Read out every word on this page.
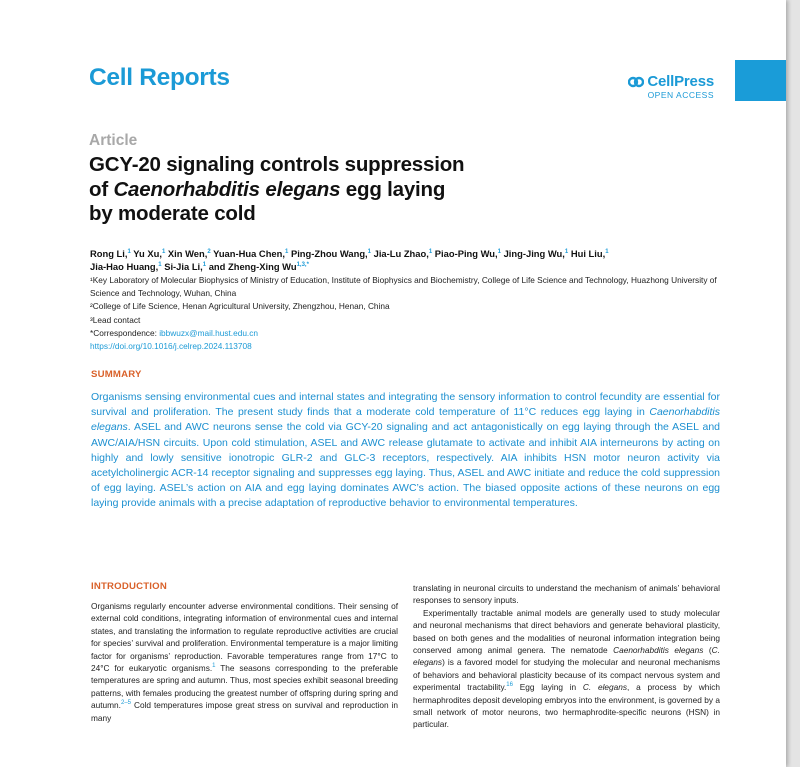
Cell Reports	CellPress
OPEN ACCESS
Article
GCY-20 signaling controls suppression
of Caenorhabditis elegans egg laying
by moderate cold
Rong Li,$^1$ Yu Xu,$^1$ Xin Wen,$^2$ Yuan-Hua Chen,$^1$ Ping-Zhou Wang,$^1$ Jia-Lu Zhao,$^1$ Piao-Ping Wu,$^1$ Jing-Jing Wu,$^1$ Hui Liu,$^1$
Jia-Hao Huang,$^1$ Si-Jia Li,$^1$ and Zheng-Xing $Wu^{1,3,*}$

¹Key Laboratory of Molecular Biophysics of Ministry of Education, Institute of Biophysics and Biochemistry, College of Life Science and Technology, Huazhong University of Science and Technology, Wuhan, China

²College of Life Science, Henan Agricultural University, Zhengzhou, Henan, China

³Lead contact

*Correspondence: ibbwuzx@mail.hust.edu.cn

https://doi.org/10.1016/j.celrep.2024.113708

SUMMARY

Organisms sensing environmental cues and internal states and integrating the sensory information to control fecundity are essential for survival and proliferation. The present study finds that a moderate cold temperature of 11°C reduces egg laying in Caenorhabditis elegans. ASEL and AWC neurons sense the cold via GCY-20 signaling and act antagonistically on egg laying through the ASEL and AWC/AIA/HSN circuits. Upon cold stimulation, ASEL and AWC release glutamate to activate and inhibit AIA interneurons by acting on highly and lowly sensitive ionotropic GLR-2 and GLC-3 receptors, respectively. AIA inhibits HSN motor neuron activity via acetylcholinergic ACR-14 receptor signaling and suppresses egg laying. Thus, ASEL and AWC initiate and reduce the cold suppression of egg laying. ASEL’s action on AIA and egg laying dominates AWC’s action. The biased opposite actions of these neurons on egg laying provide animals with a precise adaptation of reproductive behavior to environmental temperatures.

INTRODUCTION

Organisms regularly encounter adverse environmental conditions. Their sensing of external cold conditions, integrating information of environmental cues and internal states, and translating the information to regulate reproductive activities are crucial for species’ survival and proliferation. Environmental temperature is a major limiting factor for organisms’ reproduction. Favorable temperatures range from 17°C to 24°C for eukaryotic organisms.$^1$ The seasons corresponding to the preferable temperatures are spring and autumn. Thus, most species exhibit seasonal breeding patterns, with females producing the greatest number of offspring during spring and autumn.$^{2-5}$ Cold temperatures impose great stress on survival and reproduction in many

translating in neuronal circuits to understand the mechanism of animals’ behavioral responses to sensory inputs.

Experimentally tractable animal models are generally used to study molecular and neuronal mechanisms that direct behaviors and generate behavioral plasticity, based on both genes and the modalities of neuronal information integration being conserved among animal genera. The nematode Caenorhabditis elegans (C. elegans) is a favored model for studying the molecular and neuronal mechanisms of behaviors and behavioral plasticity because of its compact nervous system and experimental tractability.$^{16}$ Egg laying in C. elegans, a process by which hermaphrodites deposit developing embryos into the environment, is governed by a small network of motor neurons, two hermaphrodite-specific neurons (HSN) in particular.
